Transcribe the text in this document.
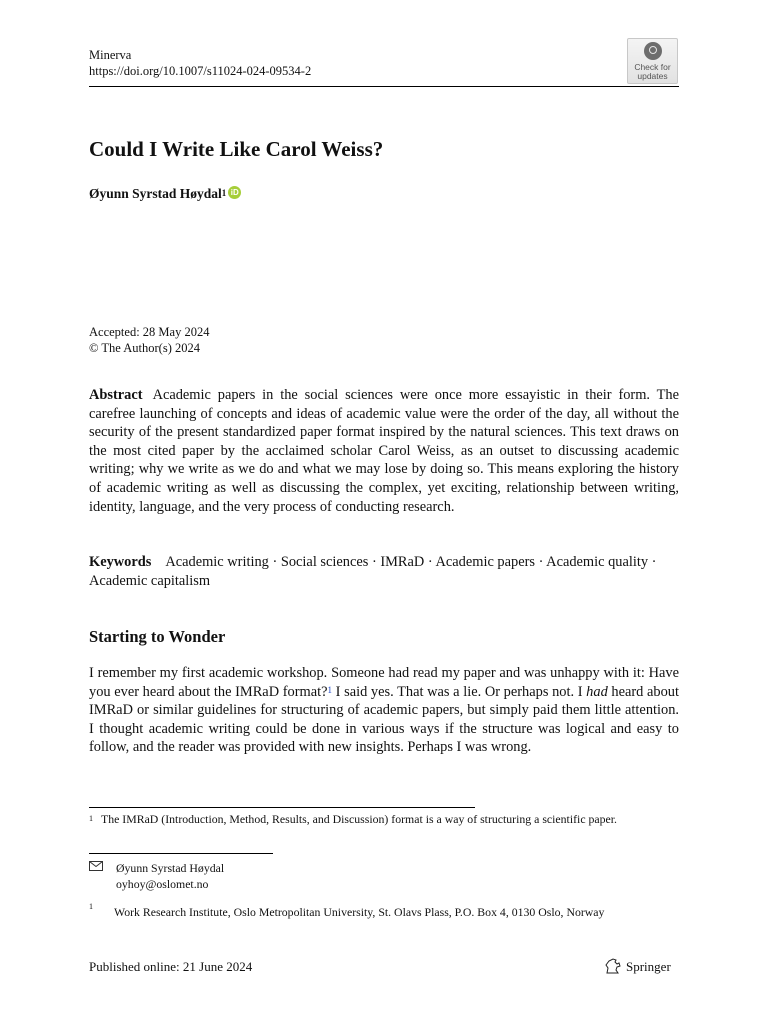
Minerva
https://doi.org/10.1007/s11024-024-09534-2	Check for
updates
Could I Write Like Carol Weiss?
Øyunn Syrstad Høydal$^1$ iD
Accepted: 28 May 2024
© The Author(s) 2024
Abstract Academic papers in the social sciences were once more essayistic in their form. The carefree launching of concepts and ideas of academic value were the order of the day, all without the security of the present standardized paper format inspired by the natural sciences. This text draws on the most cited paper by the acclaimed scholar Carol Weiss, as an outset to discussing academic writing; why we write as we do and what we may lose by doing so. This means exploring the history of academic writing as well as discussing the complex, yet exciting, relationship between writing, identity, language, and the very process of conducting research.
Keywords Academic writing · Social sciences · IMRaD · Academic papers · Academic quality · Academic capitalism
Starting to Wonder
I remember my first academic workshop. Someone had read my paper and was unhappy with it: Have you ever heard about the IMRaD format?$^1$ I said yes. That was a lie. Or perhaps not. I had heard about IMRaD or similar guidelines for structuring of academic papers, but simply paid them little attention. I thought academic writing could be done in various ways if the structure was logical and easy to follow, and the reader was provided with new insights. Perhaps I was wrong.
$^1$ The IMRaD (Introduction, Method, Results, and Discussion) format is a way of structuring a scientific paper.
Øyunn Syrstad Høydal
oyhoy@oslomet.no
1 Work Research Institute, Oslo Metropolitan University, St. Olavs Plass, P.O. Box 4, 0130 Oslo, Norway
Published online: 21 June 2024	Springer
